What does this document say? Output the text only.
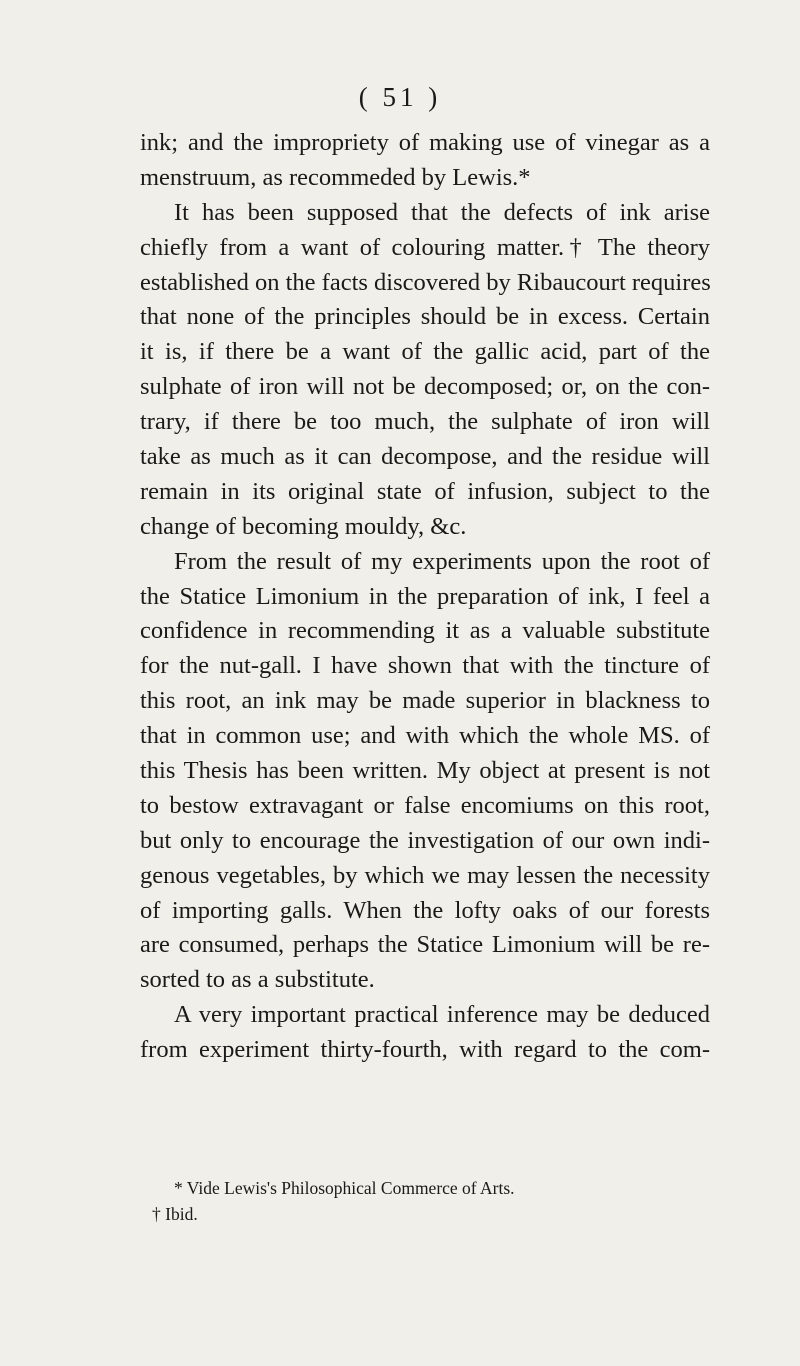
( 51 )
ink; and the impropriety of making use of vinegar as a
menstruum, as recommeded by Lewis.*
It has been supposed that the defects of ink arise
chiefly from a want of colouring matter.† The theory
established on the facts discovered by Ribaucourt requires
that none of the principles should be in excess. Certain
it is, if there be a want of the gallic acid, part of the
sulphate of iron will not be decomposed; or, on the con-
trary, if there be too much, the sulphate of iron will
take as much as it can decompose, and the residue will
remain in its original state of infusion, subject to the
change of becoming mouldy, &c.
From the result of my experiments upon the root of
the Statice Limonium in the preparation of ink, I feel a
confidence in recommending it as a valuable substitute
for the nut-gall. I have shown that with the tincture of
this root, an ink may be made superior in blackness to
that in common use; and with which the whole MS. of
this Thesis has been written. My object at present is not
to bestow extravagant or false encomiums on this root,
but only to encourage the investigation of our own indi-
genous vegetables, by which we may lessen the necessity
of importing galls. When the lofty oaks of our forests
are consumed, perhaps the Statice Limonium will be re-
sorted to as a substitute.
A very important practical inference may be deduced
from experiment thirty-fourth, with regard to the com-
* Vide Lewis's Philosophical Commerce of Arts.
† Ibid.
